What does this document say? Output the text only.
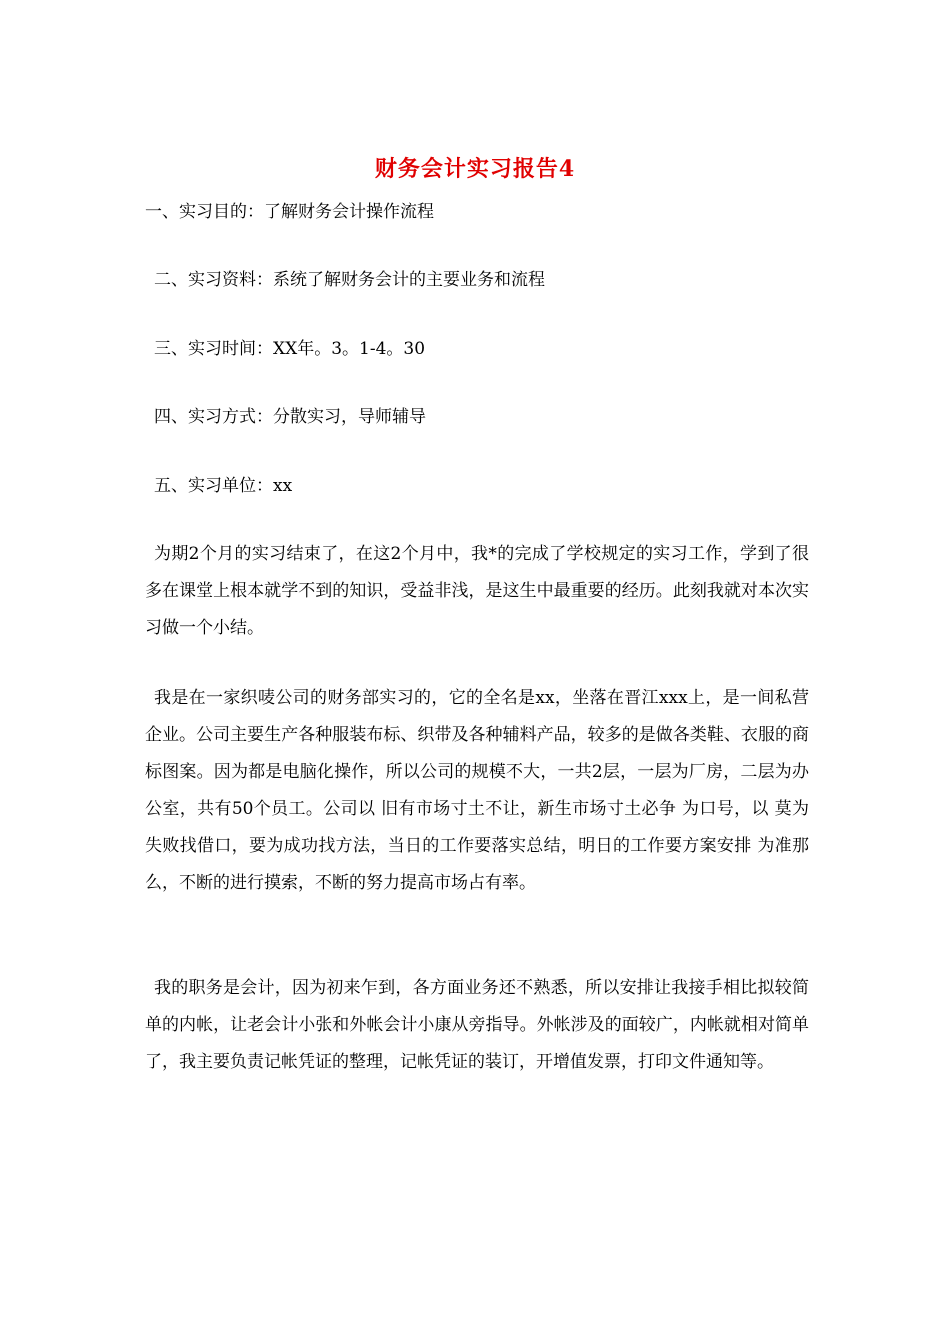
财务会计实习报告4
一、实习目的：了解财务会计操作流程
二、实习资料：系统了解财务会计的主要业务和流程
三、实习时间：XX年。3。1-4。30
四、实习方式：分散实习，导师辅导
五、实习单位：xx
为期2个月的实习结束了，在这2个月中，我*的完成了学校规定的实习工作，学到了很多在课堂上根本就学不到的知识，受益非浅，是这生中最重要的经历。此刻我就对本次实习做一个小结。
我是在一家织唛公司的财务部实习的，它的全名是xx，坐落在晋江xxx上，是一间私营企业。公司主要生产各种服装布标、织带及各种辅料产品，较多的是做各类鞋、衣服的商标图案。因为都是电脑化操作，所以公司的规模不大，一共2层，一层为厂房，二层为办公室，共有50个员工。公司以 旧有市场寸土不让，新生市场寸土必争 为口号，以 莫为失败找借口，要为成功找方法，当日的工作要落实总结，明日的工作要方案安排 为准那么，不断的进行摸索，不断的努力提高市场占有率。
我的职务是会计，因为初来乍到，各方面业务还不熟悉，所以安排让我接手相比拟较简单的内帐，让老会计小张和外帐会计小康从旁指导。外帐涉及的面较广，内帐就相对简单了，我主要负责记帐凭证的整理，记帐凭证的装订，开增值发票，打印文件通知等。
